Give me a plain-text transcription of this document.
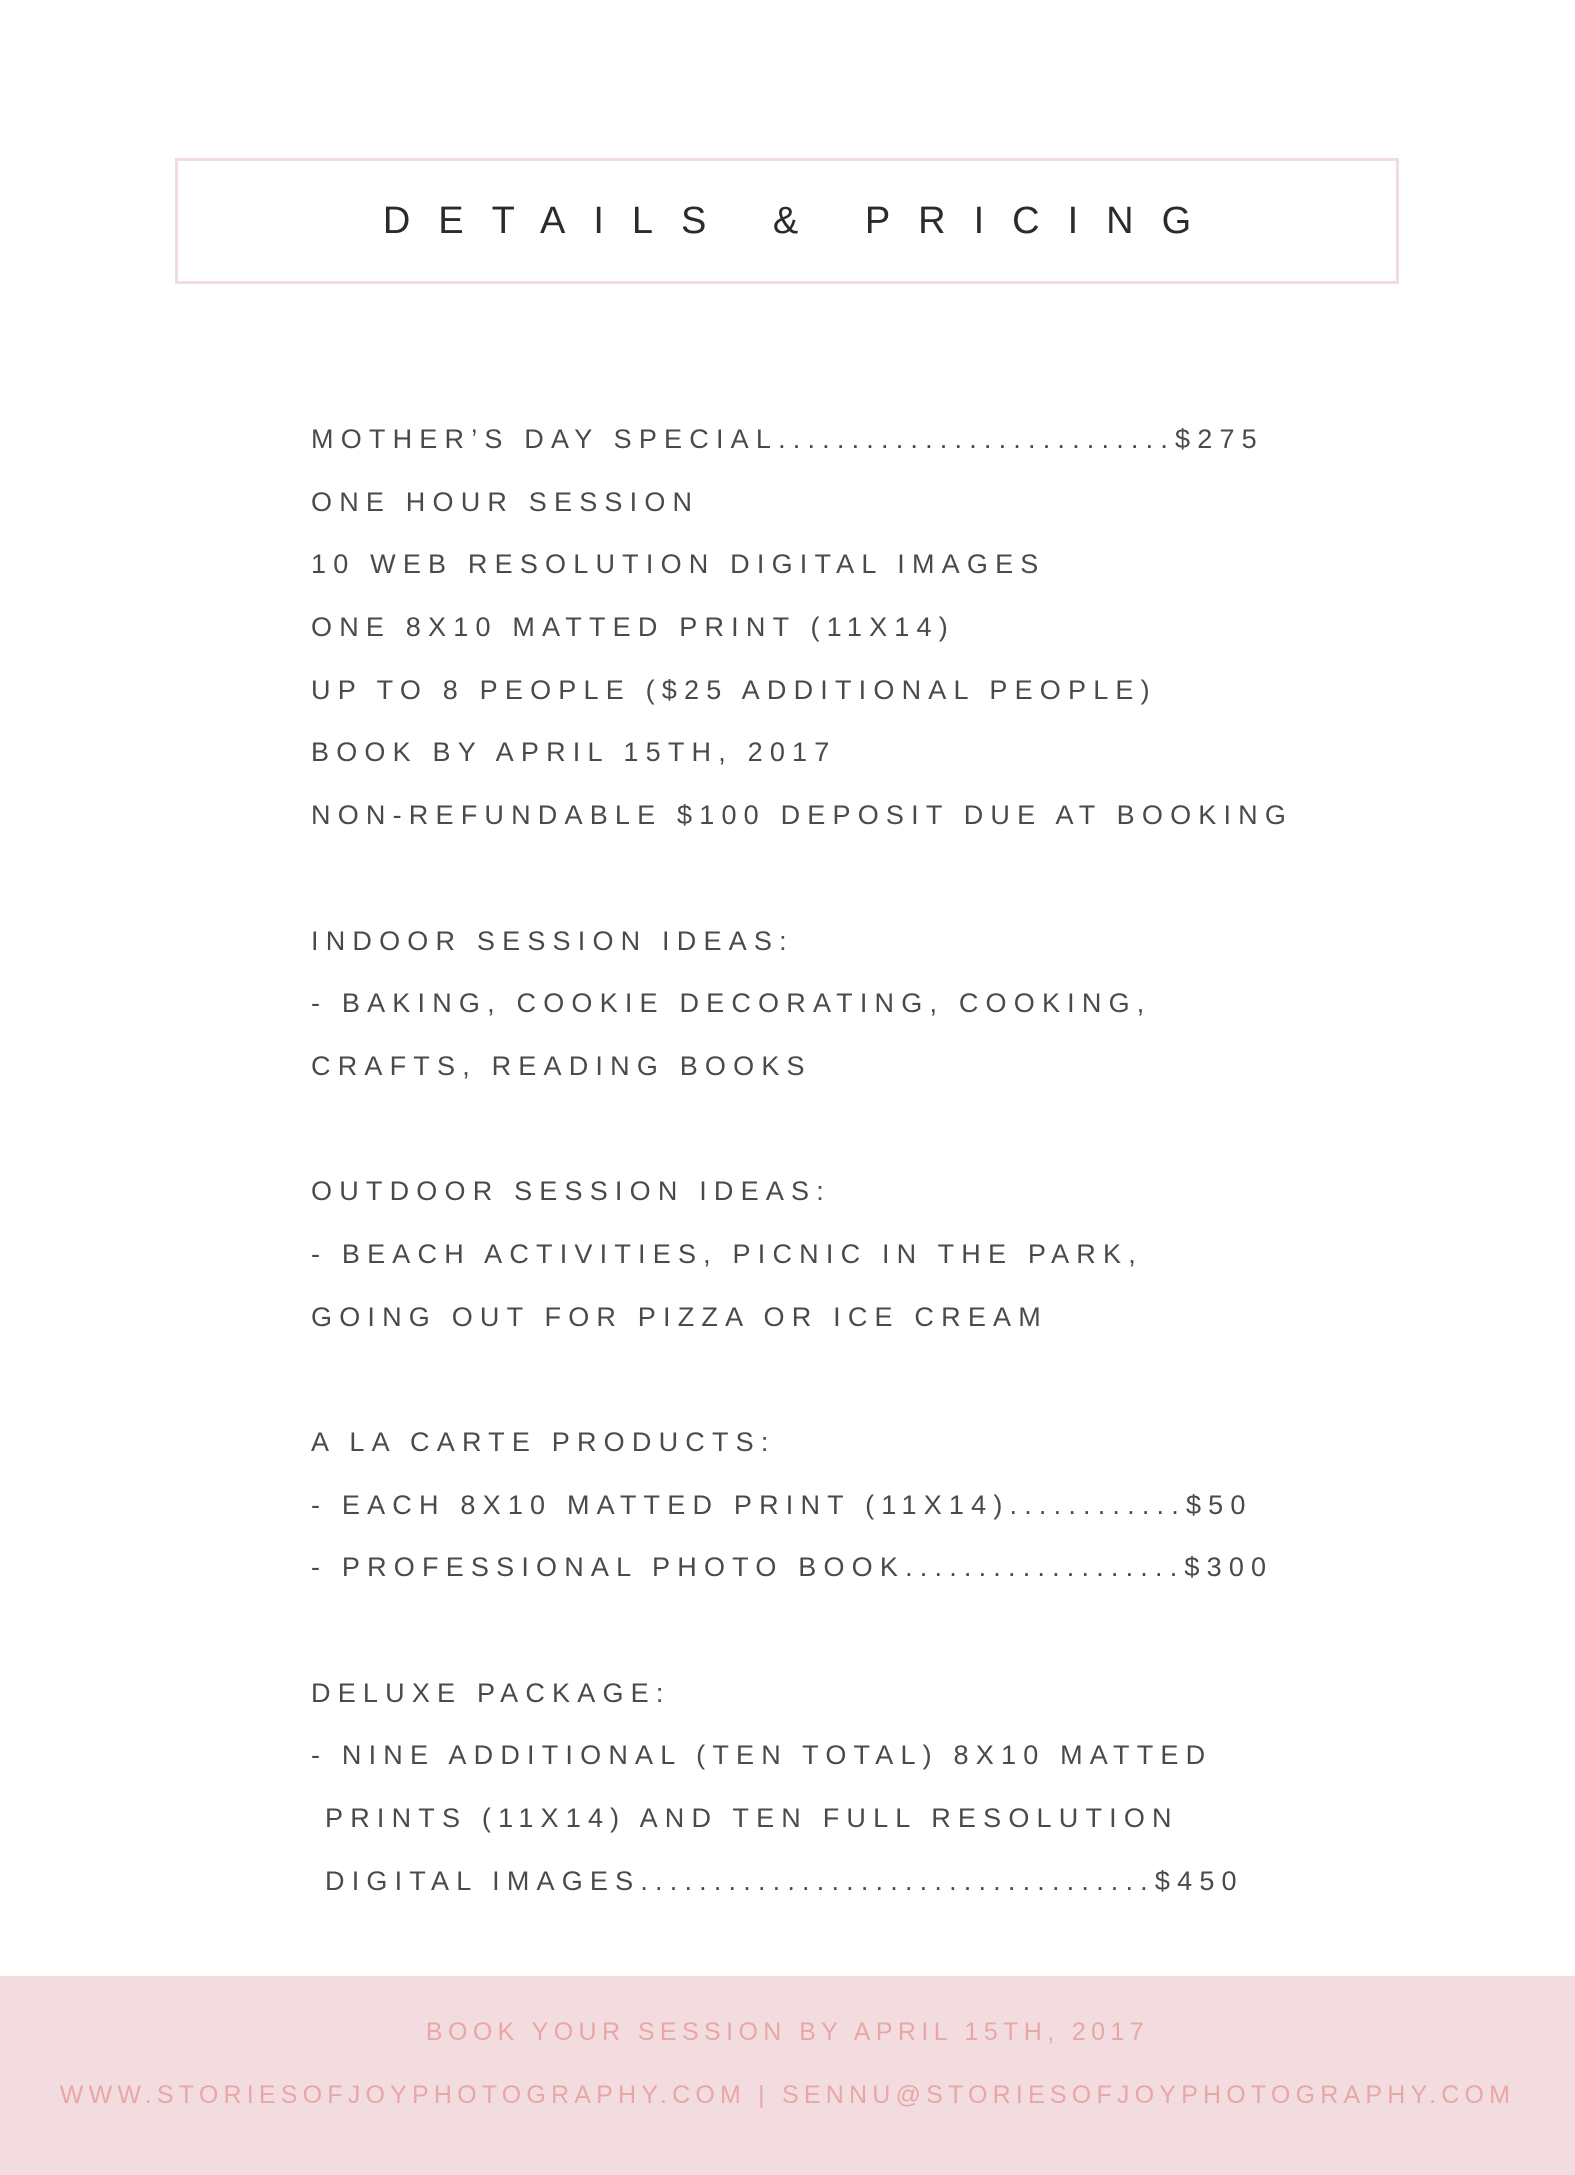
DETAILS & PRICING
MOTHER’S DAY SPECIAL...........................$275
ONE HOUR SESSION
10 WEB RESOLUTION DIGITAL IMAGES
ONE 8X10 MATTED PRINT (11X14)
UP TO 8 PEOPLE ($25 ADDITIONAL PEOPLE)
BOOK BY APRIL 15TH, 2017
NON-REFUNDABLE $100 DEPOSIT DUE AT BOOKING
INDOOR SESSION IDEAS:
- BAKING, COOKIE DECORATING, COOKING,
CRAFTS, READING BOOKS
OUTDOOR SESSION IDEAS:
- BEACH ACTIVITIES, PICNIC IN THE PARK,
GOING OUT FOR PIZZA OR ICE CREAM
A LA CARTE PRODUCTS:
- EACH 8X10 MATTED PRINT (11X14)............$50
- PROFESSIONAL PHOTO BOOK...................$300
DELUXE PACKAGE:
- NINE ADDITIONAL (TEN TOTAL) 8X10 MATTED
PRINTS (11X14) AND TEN FULL RESOLUTION
DIGITAL IMAGES...................................$450
BOOK YOUR SESSION BY APRIL 15TH, 2017
WWW.STORIESOFJOYPHOTOGRAPHY.COM | SENNU@STORIESOFJOYPHOTOGRAPHY.COM
